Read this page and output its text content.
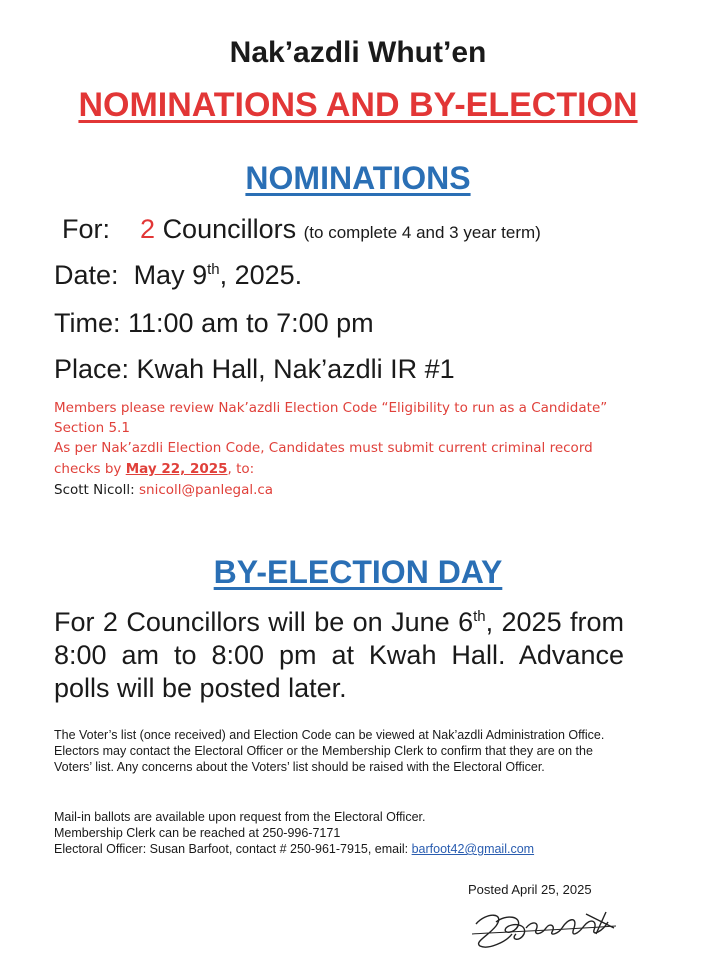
Nak’azdli Whut’en
NOMINATIONS AND BY-ELECTION
NOMINATIONS
For: 2 Councillors (to complete 4 and 3 year term)
Date: May 9th, 2025.
Time: 11:00 am to 7:00 pm
Place: Kwah Hall, Nak’azdli IR #1
Members please review Nak’azdli Election Code “Eligibility to run as a Candidate”
Section 5.1
As per Nak’azdli Election Code, Candidates must submit current criminal record
checks by May 22, 2025, to:
Scott Nicoll: snicoll@panlegal.ca
BY-ELECTION DAY
For 2 Councillors will be on June 6th, 2025 from 8:00 am to 8:00 pm at Kwah Hall. Advance polls will be posted later.
The Voter’s list (once received) and Election Code can be viewed at Nak’azdli Administration Office. Electors may contact the Electoral Officer or the Membership Clerk to confirm that they are on the Voters’ list. Any concerns about the Voters’ list should be raised with the Electoral Officer.
Mail-in ballots are available upon request from the Electoral Officer.
Membership Clerk can be reached at 250-996-7171
Electoral Officer: Susan Barfoot, contact # 250-961-7915, email: barfoot42@gmail.com
Posted April 25, 2025
